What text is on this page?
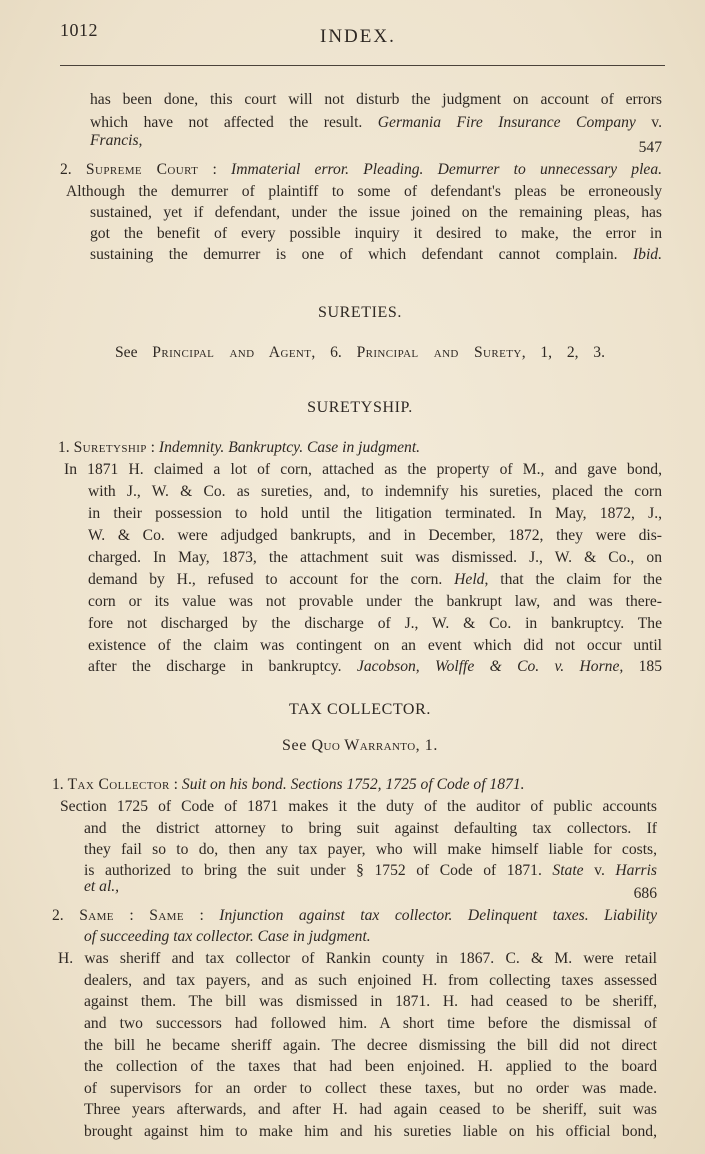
1012	INDEX.
has been done, this court will not disturb the judgment on account of errors
which have not affected the result. Germania Fire Insurance Company v.
Francis,	547
2. Supreme Court : Immaterial error. Pleading. Demurrer to unnecessary plea.
Although the demurrer of plaintiff to some of defendant's pleas be erroneously
sustained, yet if defendant, under the issue joined on the remaining pleas, has
got the benefit of every possible inquiry it desired to make, the error in
sustaining the demurrer is one of which defendant cannot complain. Ibid.
SURETIES.
See Principal and Agent, 6. Principal and Surety, 1, 2, 3.
SURETYSHIP.
1. Suretyship : Indemnity. Bankruptcy. Case in judgment.
In 1871 H. claimed a lot of corn, attached as the property of M., and gave bond,
with J., W. & Co. as sureties, and, to indemnify his sureties, placed the corn
in their possession to hold until the litigation terminated. In May, 1872, J.,
W. & Co. were adjudged bankrupts, and in December, 1872, they were dis-
charged. In May, 1873, the attachment suit was dismissed. J., W. & Co., on
demand by H., refused to account for the corn. Held, that the claim for the
corn or its value was not provable under the bankrupt law, and was there-
fore not discharged by the discharge of J., W. & Co. in bankruptcy. The
existence of the claim was contingent on an event which did not occur until
after the discharge in bankruptcy. Jacobson, Wolffe & Co. v. Horne, 185
TAX COLLECTOR.
See Quo Warranto, 1.
1. Tax Collector : Suit on his bond. Sections 1752, 1725 of Code of 1871.
Section 1725 of Code of 1871 makes it the duty of the auditor of public accounts
and the district attorney to bring suit against defaulting tax collectors. If
they fail so to do, then any tax payer, who will make himself liable for costs,
is authorized to bring the suit under § 1752 of Code of 1871. State v. Harris
et al.,	686
2. Same : Same : Injunction against tax collector. Delinquent taxes. Liability
of succeeding tax collector. Case in judgment.
H. was sheriff and tax collector of Rankin county in 1867. C. & M. were retail
dealers, and tax payers, and as such enjoined H. from collecting taxes assessed
against them. The bill was dismissed in 1871. H. had ceased to be sheriff,
and two successors had followed him. A short time before the dismissal of
the bill he became sheriff again. The decree dismissing the bill did not direct
the collection of the taxes that had been enjoined. H. applied to the board
of supervisors for an order to collect these taxes, but no order was made.
Three years afterwards, and after H. had again ceased to be sheriff, suit was
brought against him to make him and his sureties liable on his official bond,
